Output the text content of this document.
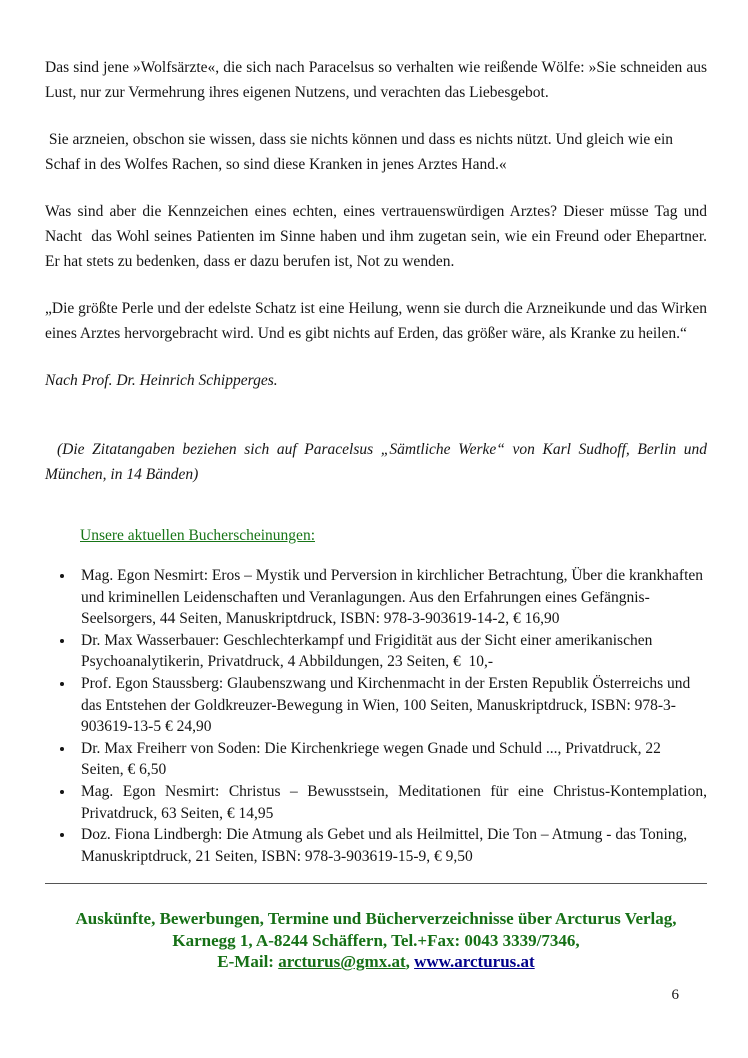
Das sind jene »Wolfsärzte«, die sich nach Paracelsus so verhalten wie reißende Wölfe: »Sie schneiden aus Lust, nur zur Vermehrung ihres eigenen Nutzens, und verachten das Liebesgebot.

Sie arzneien, obschon sie wissen, dass sie nichts können und dass es nichts nützt. Und gleich wie ein Schaf in des Wolfes Rachen, so sind diese Kranken in jenes Arztes Hand.«

Was sind aber die Kennzeichen eines echten, eines vertrauenswürdigen Arztes? Dieser müsse Tag und Nacht  das Wohl seines Patienten im Sinne haben und ihm zugetan sein, wie ein Freund oder Ehepartner. Er hat stets zu bedenken, dass er dazu berufen ist, Not zu wenden.

„Die größte Perle und der edelste Schatz ist eine Heilung, wenn sie durch die Arzneikunde und das Wirken eines Arztes hervorgebracht wird. Und es gibt nichts auf Erden, das größer wäre, als Kranke zu heilen.“

Nach Prof. Dr. Heinrich Schipperges.

(Die Zitatangaben beziehen sich auf Paracelsus „Sämtliche Werke“ von Karl Sudhoff, Berlin und München, in 14 Bänden)

Unsere aktuellen Bucherscheinungen:
• Mag. Egon Nesmirt: Eros – Mystik und Perversion in kirchlicher Betrachtung, Über die krankhaften und kriminellen Leidenschaften und Veranlagungen. Aus den Erfahrungen eines Gefängnis-Seelsorgers, 44 Seiten, Manuskriptdruck, ISBN: 978-3-903619-14-2, € 16,90
• Dr. Max Wasserbauer: Geschlechterkampf und Frigidität aus der Sicht einer amerikanischen Psychoanalytikerin, Privatdruck, 4 Abbildungen, 23 Seiten, €  10,-
• Prof. Egon Staussberg: Glaubenszwang und Kirchenmacht in der Ersten Republik Österreichs und das Entstehen der Goldkreuzer-Bewegung in Wien, 100 Seiten, Manuskriptdruck, ISBN: 978-3-903619-13-5 € 24,90
• Dr. Max Freiherr von Soden: Die Kirchenkriege wegen Gnade und Schuld ..., Privatdruck, 22 Seiten, € 6,50
• Mag. Egon Nesmirt: Christus – Bewusstsein, Meditationen für eine Christus-Kontemplation, Privatdruck, 63 Seiten, € 14,95
• Doz. Fiona Lindbergh: Die Atmung als Gebet und als Heilmittel, Die Ton – Atmung - das Toning, Manuskriptdruck, 21 Seiten, ISBN: 978-3-903619-15-9, € 9,50
Auskünfte, Bewerbungen, Termine und Bücherverzeichnisse über Arcturus Verlag,
Karnegg 1, A-8244 Schäffern, Tel.+Fax: 0043 3339/7346,
E-Mail: arcturus@gmx.at, www.arcturus.at
6
